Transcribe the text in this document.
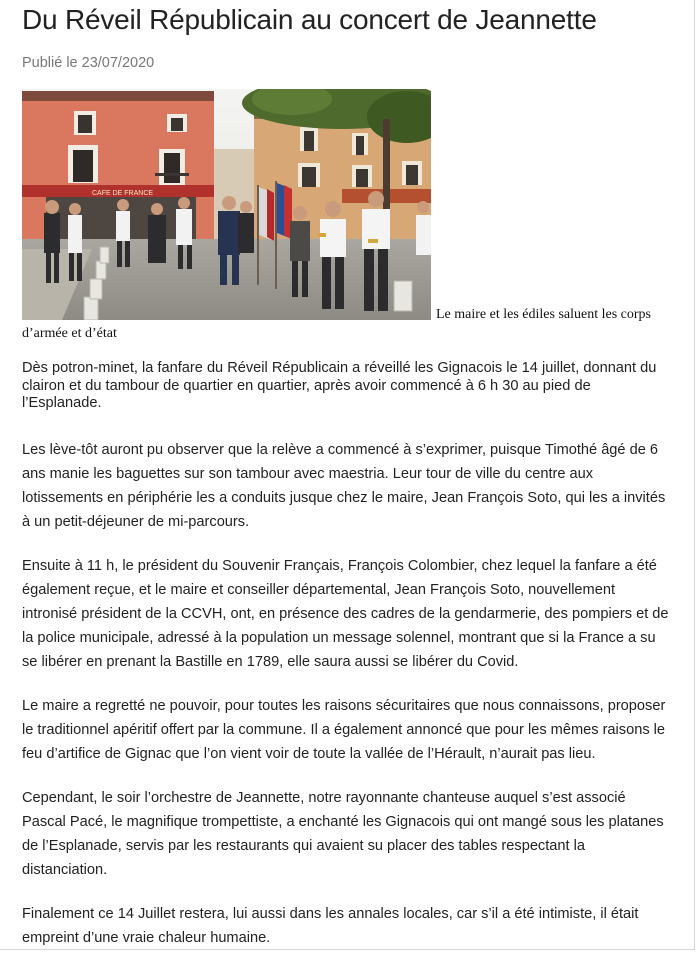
Du Réveil Républicain au concert de Jeannette
Publié le 23/07/2020
CAFE DE FRANCE
Le maire et les édiles saluent les corps
d’armée et d’état

Dès potron-minet, la fanfare du Réveil Républicain a réveillé les Gignacois le 14 juillet, donnant du clairon et du tambour de quartier en quartier, après avoir commencé à 6 h 30 au pied de l’Esplanade.

Les lève-tôt auront pu observer que la relève a commencé à s’exprimer, puisque Timothé âgé de 6 ans manie les baguettes sur son tambour avec maestria. Leur tour de ville du centre aux lotissements en périphérie les a conduits jusque chez le maire, Jean François Soto, qui les a invités à un petit-déjeuner de mi-parcours.

Ensuite à 11 h, le président du Souvenir Français, François Colombier, chez lequel la fanfare a été également reçue, et le maire et conseiller départemental, Jean François Soto, nouvellement intronisé président de la CCVH, ont, en présence des cadres de la gendarmerie, des pompiers et de la police municipale, adressé à la population un message solennel, montrant que si la France a su se libérer en prenant la Bastille en 1789, elle saura aussi se libérer du Covid.

Le maire a regretté ne pouvoir, pour toutes les raisons sécuritaires que nous connaissons, proposer le traditionnel apéritif offert par la commune. Il a également annoncé que pour les mêmes raisons le feu d’artifice de Gignac que l’on vient voir de toute la vallée de l’Hérault, n’aurait pas lieu.

Cependant, le soir l’orchestre de Jeannette, notre rayonnante chanteuse auquel s’est associé Pascal Pacé, le magnifique trompettiste, a enchanté les Gignacois qui ont mangé sous les platanes de l’Esplanade, servis par les restaurants qui avaient su placer des tables respectant la distanciation.

Finalement ce 14 Juillet restera, lui aussi dans les annales locales, car s’il a été intimiste, il était empreint d’une vraie chaleur humaine.
